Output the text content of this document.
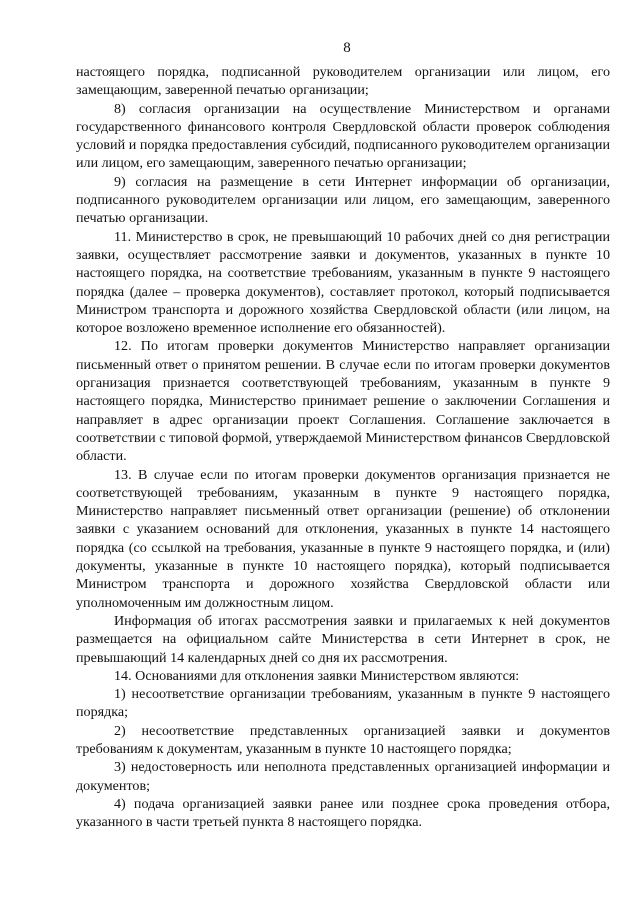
8

настоящего порядка, подписанной руководителем организации или лицом, его замещающим, заверенной печатью организации;

8) согласия организации на осуществление Министерством и органами государственного финансового контроля Свердловской области проверок соблюдения условий и порядка предоставления субсидий, подписанного руководителем организации или лицом, его замещающим, заверенного печатью организации;

9) согласия на размещение в сети Интернет информации об организации, подписанного руководителем организации или лицом, его замещающим, заверенного печатью организации.

11. Министерство в срок, не превышающий 10 рабочих дней со дня регистрации заявки, осуществляет рассмотрение заявки и документов, указанных в пункте 10 настоящего порядка, на соответствие требованиям, указанным в пункте 9 настоящего порядка (далее – проверка документов), составляет протокол, который подписывается Министром транспорта и дорожного хозяйства Свердловской области (или лицом, на которое возложено временное исполнение его обязанностей).

12. По итогам проверки документов Министерство направляет организации письменный ответ о принятом решении. В случае если по итогам проверки документов организация признается соответствующей требованиям, указанным в пункте 9 настоящего порядка, Министерство принимает решение о заключении Соглашения и направляет в адрес организации проект Соглашения. Соглашение заключается в соответствии с типовой формой, утверждаемой Министерством финансов Свердловской области.

13. В случае если по итогам проверки документов организация признается не соответствующей требованиям, указанным в пункте 9 настоящего порядка, Министерство направляет письменный ответ организации (решение) об отклонении заявки с указанием оснований для отклонения, указанных в пункте 14 настоящего порядка (со ссылкой на требования, указанные в пункте 9 настоящего порядка, и (или) документы, указанные в пункте 10 настоящего порядка), который подписывается Министром транспорта и дорожного хозяйства Свердловской области или уполномоченным им должностным лицом.

Информация об итогах рассмотрения заявки и прилагаемых к ней документов размещается на официальном сайте Министерства в сети Интернет в срок, не превышающий 14 календарных дней со дня их рассмотрения.

14. Основаниями для отклонения заявки Министерством являются:

1) несоответствие организации требованиям, указанным в пункте 9 настоящего порядка;

2) несоответствие представленных организацией заявки и документов требованиям к документам, указанным в пункте 10 настоящего порядка;

3) недостоверность или неполнота представленных организацией информации и документов;

4) подача организацией заявки ранее или позднее срока проведения отбора, указанного в части третьей пункта 8 настоящего порядка.
